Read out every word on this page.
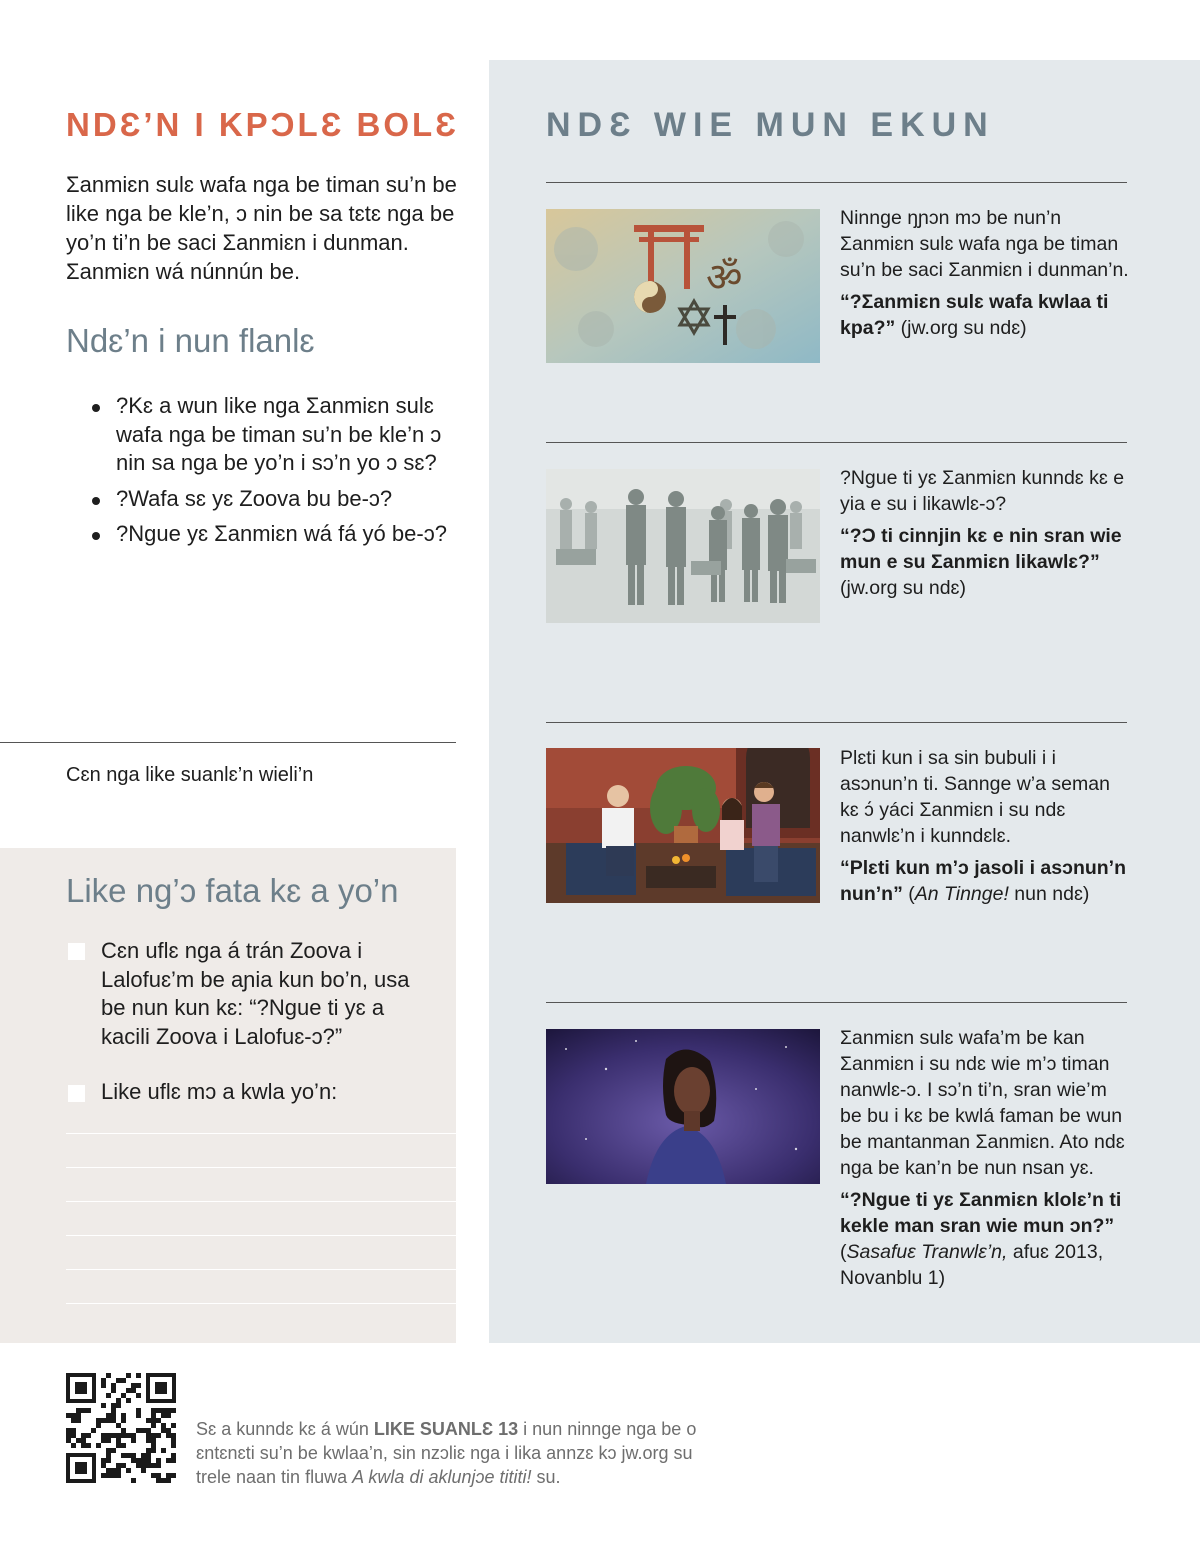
NDƐ’N I KPƆLƐ BOLƐ
Ʃanmiɛn sulɛ wafa nga be timan su’n be like nga be kle’n, ɔ nin be sa tɛtɛ nga be yo’n ti’n be saci Ʃanmiɛn i dunman. Ʃanmiɛn wá núnnún be.
Ndɛ’n i nun flanlɛ
?Kɛ a wun like nga Ʃanmiɛn sulɛ wafa nga be timan su’n be kle’n ɔ nin sa nga be yo’n i sɔ’n yo ɔ sɛ?
?Wafa sɛ yɛ Zoova bu be-ɔ?
?Ngue yɛ Ʃanmiɛn wá fá yó be-ɔ?
Cɛn nga like suanlɛ’n wieli’n
Like ng’ɔ fata kɛ a yo’n
Cɛn uflɛ nga á trán Zoova i Lalofuɛ’m be aɲia kun bo’n, usa be nun kun kɛ: “?Ngue ti yɛ a kacili Zoova i Lalofuɛ-ɔ?”
Like uflɛ mɔ a kwla yo’n:
NDƐ WIE MUN EKUN
ॐ

Ninnge ŋɲɔn mɔ be nun’n Ʃanmiɛn sulɛ wafa nga be timan su’n be saci Ʃanmiɛn i dunman’n.

“?Ʃanmiɛn sulɛ wafa kwlaa ti kpa?” (jw.org su ndɛ)

?Ngue ti yɛ Ʃanmiɛn kunndɛ kɛ e yia e su i likawlɛ-ɔ?

“?Ɔ ti cinnjin kɛ e nin sran wie mun e su Ʃanmiɛn likawlɛ?” (jw.org su ndɛ)

Plɛti kun i sa sin bubuli i i asɔnun’n ti. Sannge w’a seman kɛ ɔ́ yáci Ʃanmiɛn i su ndɛ nanwlɛ’n i kunndɛlɛ.

“Plɛti kun m’ɔ jasoli i asɔnun’n nun’n” (An Tinnge! nun ndɛ)

Ʃanmiɛn sulɛ wafa’m be kan Ʃanmiɛn i su ndɛ wie m’ɔ timan nanwlɛ-ɔ. I sɔ’n ti’n, sran wie’m be bu i kɛ be kwlá faman be wun be mantanman Ʃanmiɛn. Ato ndɛ nga be kan’n be nun nsan yɛ.

“?Ngue ti yɛ Ʃanmiɛn klolɛ’n ti kekle man sran wie mun ɔn?” (Sasafuɛ Tranwlɛ’n, afuɛ 2013, Novanblu 1)

Sɛ a kunndɛ kɛ á wún LIKE SUANLƐ 13 i nun ninnge nga be o ɛntɛnɛti su’n be kwlaa’n, sin nzɔliɛ nga i lika annzɛ kɔ jw.org su trele naan tin fluwa A kwla di aklunjɔe tititi! su.
